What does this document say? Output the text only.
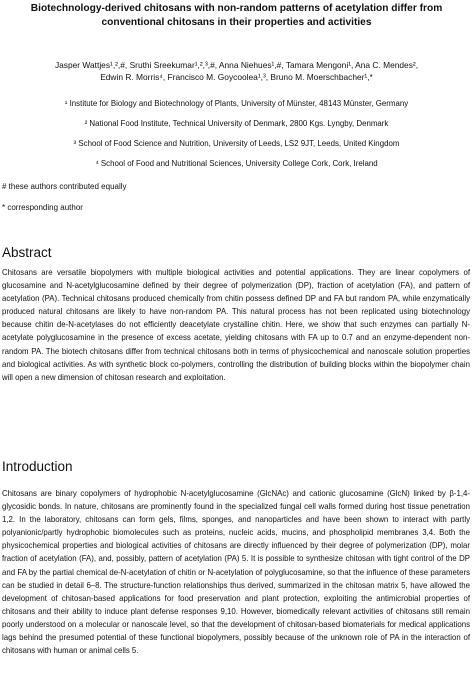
Biotechnology-derived chitosans with non-random patterns of acetylation differ from conventional chitosans in their properties and activities
Jasper Wattjes¹,²,#, Sruthi Sreekumar¹,²,³,#, Anna Niehues¹,#, Tamara Mengoni¹, Ana C. Mendes²,
Edwin R. Morris⁴, Francisco M. Goycoolea¹,³, Bruno M. Moerschbacher¹,*
¹ Institute for Biology and Biotechnology of Plants, University of Münster, 48143 Münster, Germany
² National Food Institute, Technical University of Denmark, 2800 Kgs. Lyngby, Denmark
³ School of Food Science and Nutrition, University of Leeds, LS2 9JT, Leeds, United Kingdom
⁴ School of Food and Nutritional Sciences, University College Cork, Cork, Ireland
# these authors contributed equally
* corresponding author
Abstract
Chitosans are versatile biopolymers with multiple biological activities and potential applications. They are linear copolymers of glucosamine and N-acetylglucosamine defined by their degree of polymerization (DP), fraction of acetylation (FA), and pattern of acetylation (PA). Technical chitosans produced chemically from chitin possess defined DP and FA but random PA, while enzymatically produced natural chitosans are likely to have non-random PA. This natural process has not been replicated using biotechnology because chitin de-N-acetylases do not efficiently deacetylate crystalline chitin. Here, we show that such enzymes can partially N-acetylate polyglucosamine in the presence of excess acetate, yielding chitosans with FA up to 0.7 and an enzyme-dependent non-random PA. The biotech chitosans differ from technical chitosans both in terms of physicochemical and nanoscale solution properties and biological activities. As with synthetic block co-polymers, controlling the distribution of building blocks within the biopolymer chain will open a new dimension of chitosan research and exploitation.
Introduction
Chitosans are binary copolymers of hydrophobic N-acetylglucosamine (GlcNAc) and cationic glucosamine (GlcN) linked by β-1,4-glycosidic bonds. In nature, chitosans are prominently found in the specialized fungal cell walls formed during host tissue penetration 1,2. In the laboratory, chitosans can form gels, films, sponges, and nanoparticles and have been shown to interact with partly polyanionic/partly hydrophobic biomolecules such as proteins, nucleic acids, mucins, and phospholipid membranes 3,4. Both the physicochemical properties and biological activities of chitosans are directly influenced by their degree of polymerization (DP), molar fraction of acetylation (FA), and, possibly, pattern of acetylation (PA) 5. It is possible to synthesize chitosan with tight control of the DP and FA by the partial chemical de-N-acetylation of chitin or N-acetylation of polyglucosamine, so that the influence of these parameters can be studied in detail 6–8. The structure-function relationships thus derived, summarized in the chitosan matrix 5, have allowed the development of chitosan-based applications for food preservation and plant protection, exploiting the antimicrobial properties of chitosans and their ability to induce plant defense responses 9,10. However, biomedically relevant activities of chitosans still remain poorly understood on a molecular or nanoscale level, so that the development of chitosan-based biomaterials for medical applications lags behind the presumed potential of these functional biopolymers, possibly because of the unknown role of PA in the interaction of chitosans with human or animal cells 5.
